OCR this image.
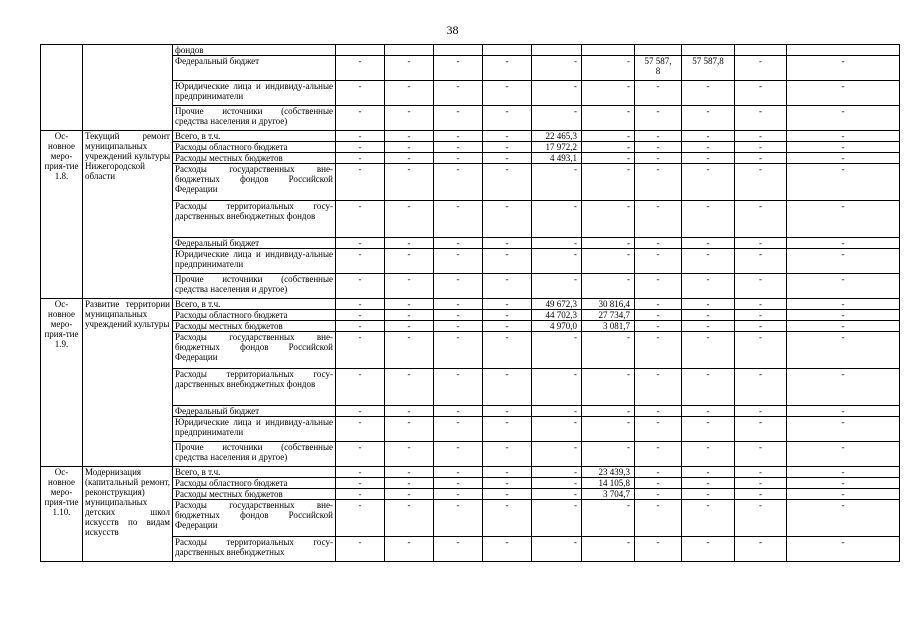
38
		фондов										
		Федеральный бюджет	-	-	-	-	-	-	57 587,
8	57 587,8	-	-
		Юридические лица и индивиду-альные предприниматели	-	-	-	-	-	-	-	-	-	-
		Прочие источники (собственные средства населения и другое)	-	-	-	-	-	-	-	-	-	-
Ос-новное меро-прия-тие 1.8.	Текущий ремонт муниципальных учреждений культуры Нижегородской области	Всего, в т.ч.	-	-	-	-	22 465,3	-	-	-	-	-
		Расходы областного бюджета	-	-	-	-	17 972,2	-	-	-	-	-
		Расходы местных бюджетов	-	-	-	-	4 493,1	-	-	-	-	-
		Расходы государственных вне-бюджетных фондов Российской Федерации	-	-	-	-	-	-	-	-	-	-
		Расходы территориальных госу-дарственных внебюджетных фондов	-	-	-	-	-	-	-	-	-	-
		Федеральный бюджет	-	-	-	-	-	-	-	-	-	-
		Юридические лица и индивиду-альные предприниматели	-	-	-	-	-	-	-	-	-	-
		Прочие источники (собственные средства населения и другое)	-	-	-	-	-	-	-	-	-	-
Ос-новное меро-прия-тие 1.9.	Развитие территории муниципальных учреждений культуры	Всего, в т.ч.	-	-	-	-	49 672,3	30 816,4	-	-	-	-
		Расходы областного бюджета	-	-	-	-	44 702,3	27 734,7	-	-	-	-
		Расходы местных бюджетов	-	-	-	-	4 970,0	3 081,7	-	-	-	-
		Расходы государственных вне-бюджетных фондов Российской Федерации	-	-	-	-	-	-	-	-	-	-
		Расходы территориальных госу-дарственных внебюджетных фондов	-	-	-	-	-	-	-	-	-	-
		Федеральный бюджет	-	-	-	-	-	-	-	-	-	-
		Юридические лица и индивиду-альные предприниматели	-	-	-	-	-	-	-	-	-	-
		Прочие источники (собственные средства населения и другое)	-	-	-	-	-	-	-	-	-	-
Ос-новное меро-прия-тие 1.10.	Модернизация (капитальный ремонт, реконструкция) муниципальных детских школ искусств по видам искусств	Всего, в т.ч.	-	-	-	-	-	23 439,3	-	-	-	-
		Расходы областного бюджета	-	-	-	-	-	14 105,8	-	-	-	-
		Расходы местных бюджетов	-	-	-	-	-	3 704,7	-	-	-	-
		Расходы государственных вне-бюджетных фондов Российской Федерации	-	-	-	-	-	-	-	-	-	-
		Расходы территориальных госу-дарственных внебюджетных	-	-	-	-	-	-	-	-	-	-
